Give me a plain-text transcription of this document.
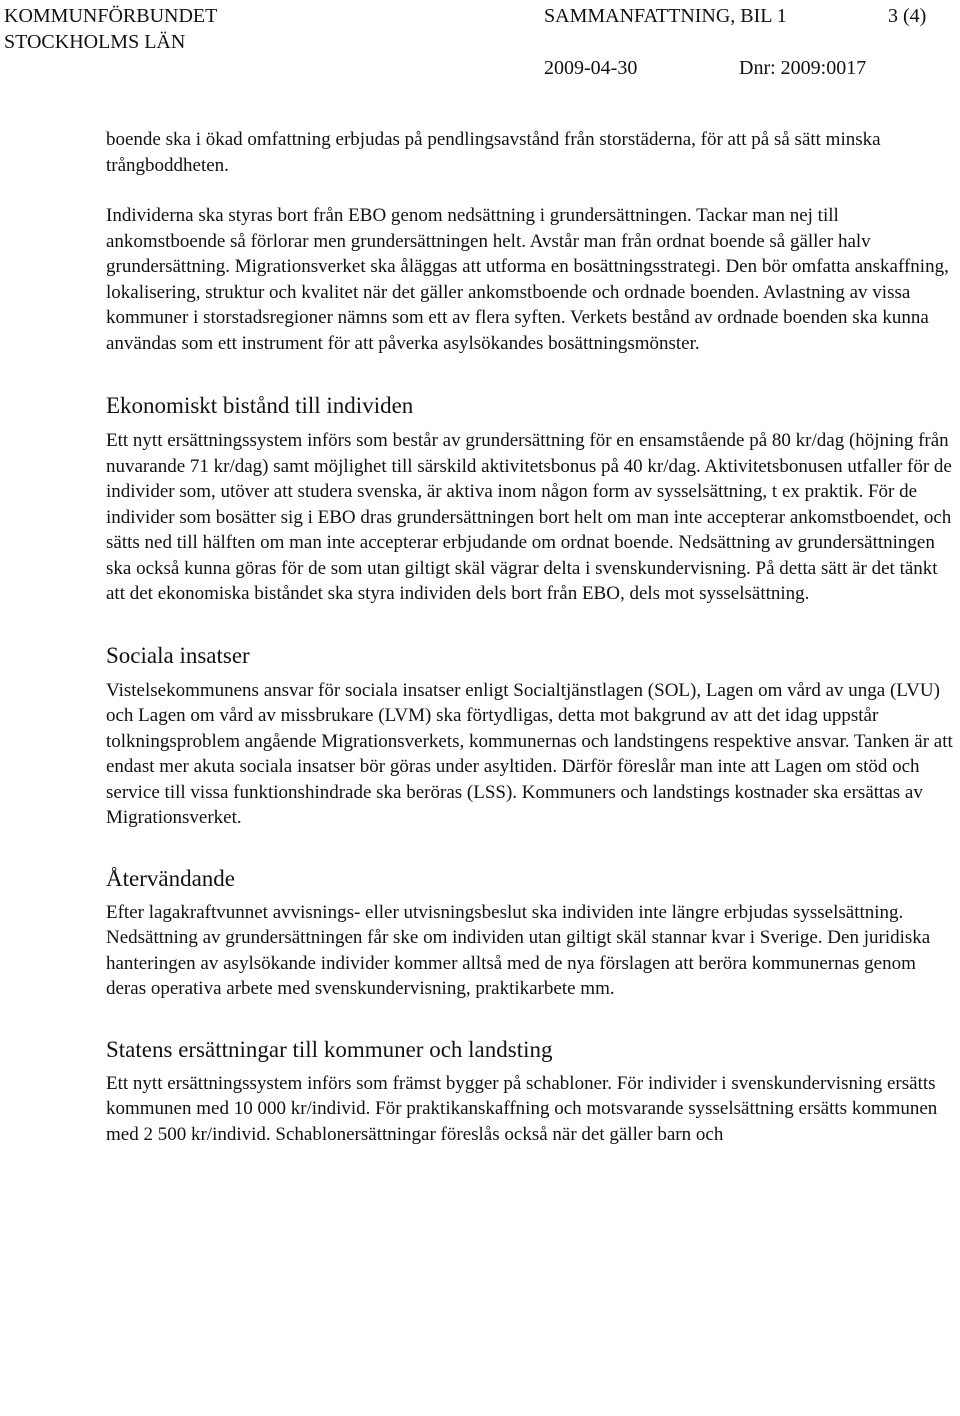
KOMMUNFÖRBUNDET
STOCKHOLMS LÄN
SAMMANFATTNING, BIL 1	3 (4)
2009-04-30	Dnr: 2009:0017

boende ska i ökad omfattning erbjudas på pendlingsavstånd från storstäderna, för att på så sätt minska trångboddheten.

Individerna ska styras bort från EBO genom nedsättning i grundersättningen. Tackar man nej till ankomstboende så förlorar men grundersättningen helt. Avstår man från ordnat boende så gäller halv grundersättning. Migrationsverket ska åläggas att utforma en bosättningsstrategi. Den bör omfatta anskaffning, lokalisering, struktur och kvalitet när det gäller ankomstboende och ordnade boenden. Avlastning av vissa kommuner i storstadsregioner nämns som ett av flera syften. Verkets bestånd av ordnade boenden ska kunna användas som ett instrument för att påverka asylsökandes bosättningsmönster.

Ekonomiskt bistånd till individen

Ett nytt ersättningssystem införs som består av grundersättning för en ensamstående på 80 kr/dag (höjning från nuvarande 71 kr/dag) samt möjlighet till särskild aktivitetsbonus på 40 kr/dag. Aktivitetsbonusen utfaller för de individer som, utöver att studera svenska, är aktiva inom någon form av sysselsättning, t ex praktik. För de individer som bosätter sig i EBO dras grundersättningen bort helt om man inte accepterar ankomstboendet, och sätts ned till hälften om man inte accepterar erbjudande om ordnat boende. Nedsättning av grundersättningen ska också kunna göras för de som utan giltigt skäl vägrar delta i svenskundervisning. På detta sätt är det tänkt att det ekonomiska biståndet ska styra individen dels bort från EBO, dels mot sysselsättning.

Sociala insatser

Vistelsekommunens ansvar för sociala insatser enligt Socialtjänstlagen (SOL), Lagen om vård av unga (LVU) och Lagen om vård av missbrukare (LVM) ska förtydligas, detta mot bakgrund av att det idag uppstår tolkningsproblem angående Migrationsverkets, kommunernas och landstingens respektive ansvar. Tanken är att endast mer akuta sociala insatser bör göras under asyltiden. Därför föreslår man inte att Lagen om stöd och service till vissa funktionshindrade ska beröras (LSS). Kommuners och landstings kostnader ska ersättas av Migrationsverket.

Återvändande

Efter lagakraftvunnet avvisnings- eller utvisningsbeslut ska individen inte längre erbjudas sysselsättning. Nedsättning av grundersättningen får ske om individen utan giltigt skäl stannar kvar i Sverige. Den juridiska hanteringen av asylsökande individer kommer alltså med de nya förslagen att beröra kommunernas genom deras operativa arbete med svenskundervisning, praktikarbete mm.

Statens ersättningar till kommuner och landsting

Ett nytt ersättningssystem införs som främst bygger på schabloner. För individer i svenskundervisning ersätts kommunen med 10 000 kr/individ. För praktikanskaffning och motsvarande sysselsättning ersätts kommunen med 2 500 kr/individ. Schablonersättningar föreslås också när det gäller barn och
